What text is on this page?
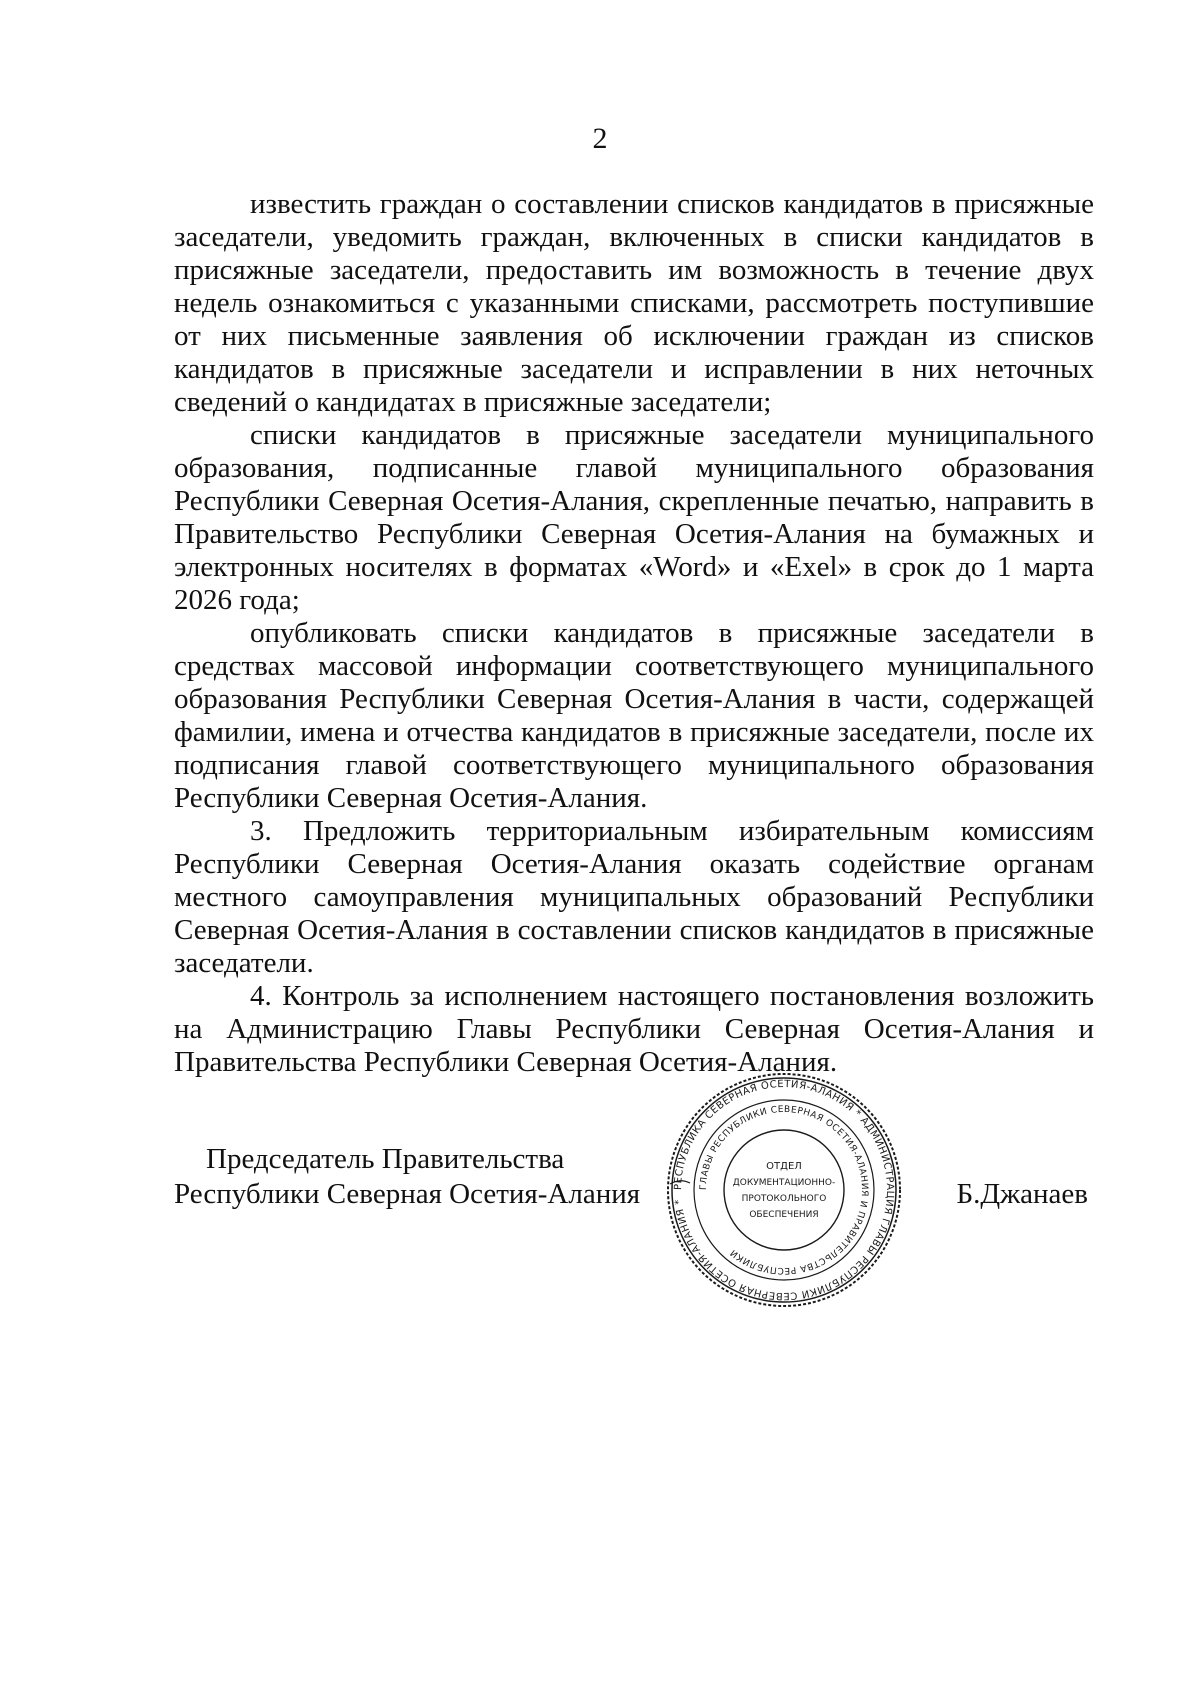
2

известить граждан о составлении списков кандидатов в присяжные заседатели, уведомить граждан, включенных в списки кандидатов в присяжные заседатели, предоставить им возможность в течение двух недель ознакомиться с указанными списками, рассмотреть поступившие от них письменные заявления об исключении граждан из списков кандидатов в присяжные заседатели и исправлении в них неточных сведений о кандидатах в присяжные заседатели;

списки кандидатов в присяжные заседатели муниципального образования, подписанные главой муниципального образования Республики Северная Осетия-Алания, скрепленные печатью, направить в Правительство Республики Северная Осетия-Алания на бумажных и электронных носителях в форматах «Word» и «Exel» в срок до 1 марта 2026 года;

опубликовать списки кандидатов в присяжные заседатели в средствах массовой информации соответствующего муниципального образования Республики Северная Осетия-Алания в части, содержащей фамилии, имена и отчества кандидатов в присяжные заседатели, после их подписания главой соответствующего муниципального образования Республики Северная Осетия-Алания.

3. Предложить территориальным избирательным комиссиям Республики Северная Осетия-Алания оказать содействие органам местного самоуправления муниципальных образований Республики Северная Осетия-Алания в составлении списков кандидатов в присяжные заседатели.

4. Контроль за исполнением настоящего постановления возложить на Администрацию Главы Республики Северная Осетия-Алания и Правительства Республики Северная Осетия-Алания.

Председатель Правительства
Республики Северная Осетия-Алания	Б.Джанаев
РЕСПУБЛИКА СЕВЕРНАЯ ОСЕТИЯ-АЛАНИЯ * АДМИНИСТРАЦИЯ ГЛАВЫ РЕСПУБЛИКИ СЕВЕРНАЯ ОСЕТИЯ-АЛАНИЯ *
ГЛАВЫ РЕСПУБЛИКИ СЕВЕРНАЯ ОСЕТИЯ-АЛАНИЯ И ПРАВИТЕЛЬСТВА РЕСПУБЛИКИ
ОТДЕЛ
ДОКУМЕНТАЦИОННО-
ПРОТОКОЛЬНОГО
ОБЕСПЕЧЕНИЯ
